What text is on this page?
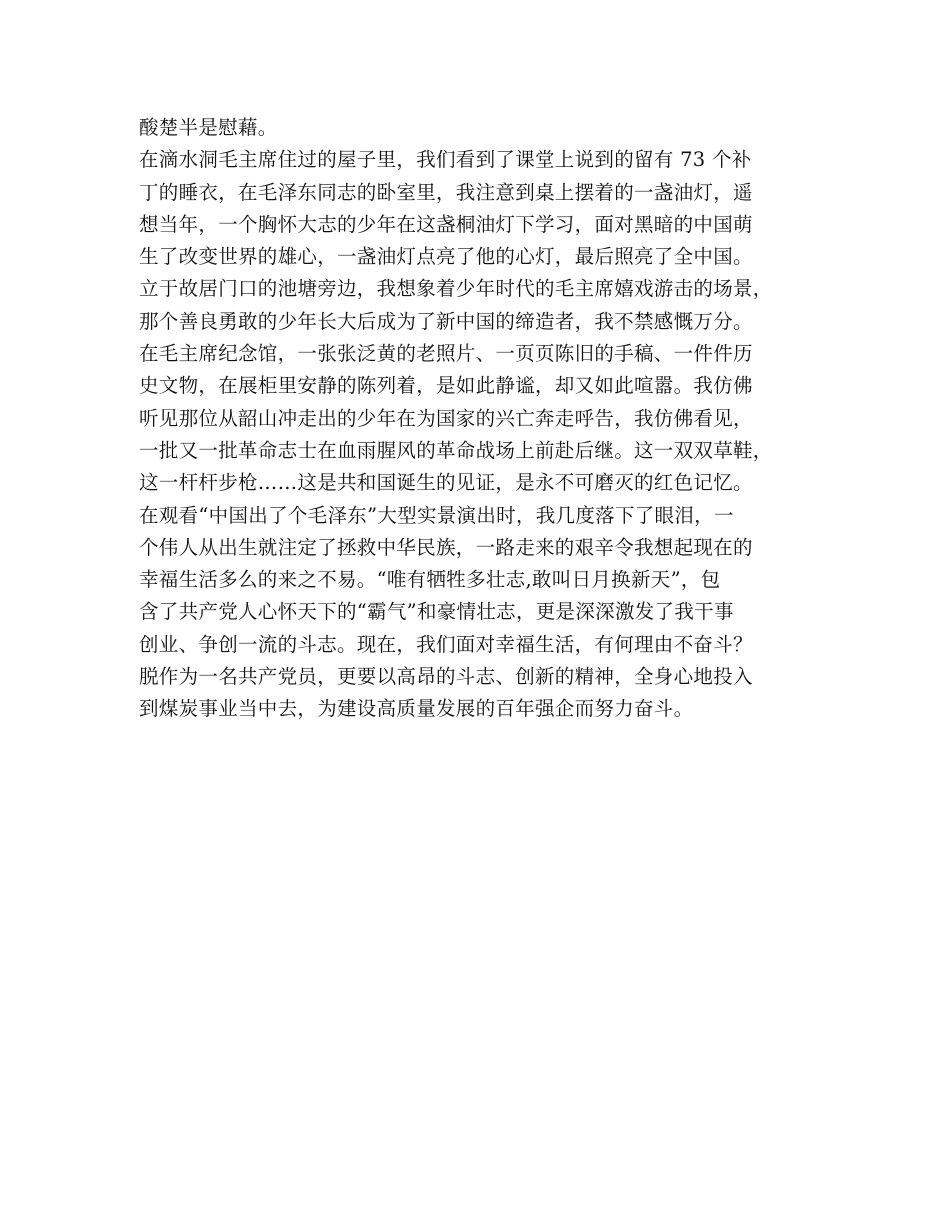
酸楚半是慰藉。
在滴水洞毛主席住过的屋子里，我们看到了课堂上说到的留有 73 个补
丁的睡衣，在毛泽东同志的卧室里，我注意到桌上摆着的一盏油灯，遥
想当年，一个胸怀大志的少年在这盏桐油灯下学习，面对黑暗的中国萌
生了改变世界的雄心，一盏油灯点亮了他的心灯，最后照亮了全中国。
立于故居门口的池塘旁边，我想象着少年时代的毛主席嬉戏游击的场景，
那个善良勇敢的少年长大后成为了新中国的缔造者，我不禁感慨万分。
在毛主席纪念馆，一张张泛黄的老照片、一页页陈旧的手稿、一件件历
史文物，在展柜里安静的陈列着，是如此静谧，却又如此喧嚣。我仿佛
听见那位从韶山冲走出的少年在为国家的兴亡奔走呼告，我仿佛看见，
一批又一批革命志士在血雨腥风的革命战场上前赴后继。这一双双草鞋，
这一杆杆步枪……这是共和国诞生的见证，是永不可磨灭的红色记忆。
在观看“中国出了个毛泽东”大型实景演出时，我几度落下了眼泪，一
个伟人从出生就注定了拯救中华民族，一路走来的艰辛令我想起现在的
幸福生活多么的来之不易。“唯有牺牲多壮志,敢叫日月换新天”，包
含了共产党人心怀天下的“霸气”和豪情壮志，更是深深激发了我干事
创业、争创一流的斗志。现在，我们面对幸福生活，有何理由不奋斗？
脱作为一名共产党员，更要以高昂的斗志、创新的精神，全身心地投入
到煤炭事业当中去，为建设高质量发展的百年强企而努力奋斗。
